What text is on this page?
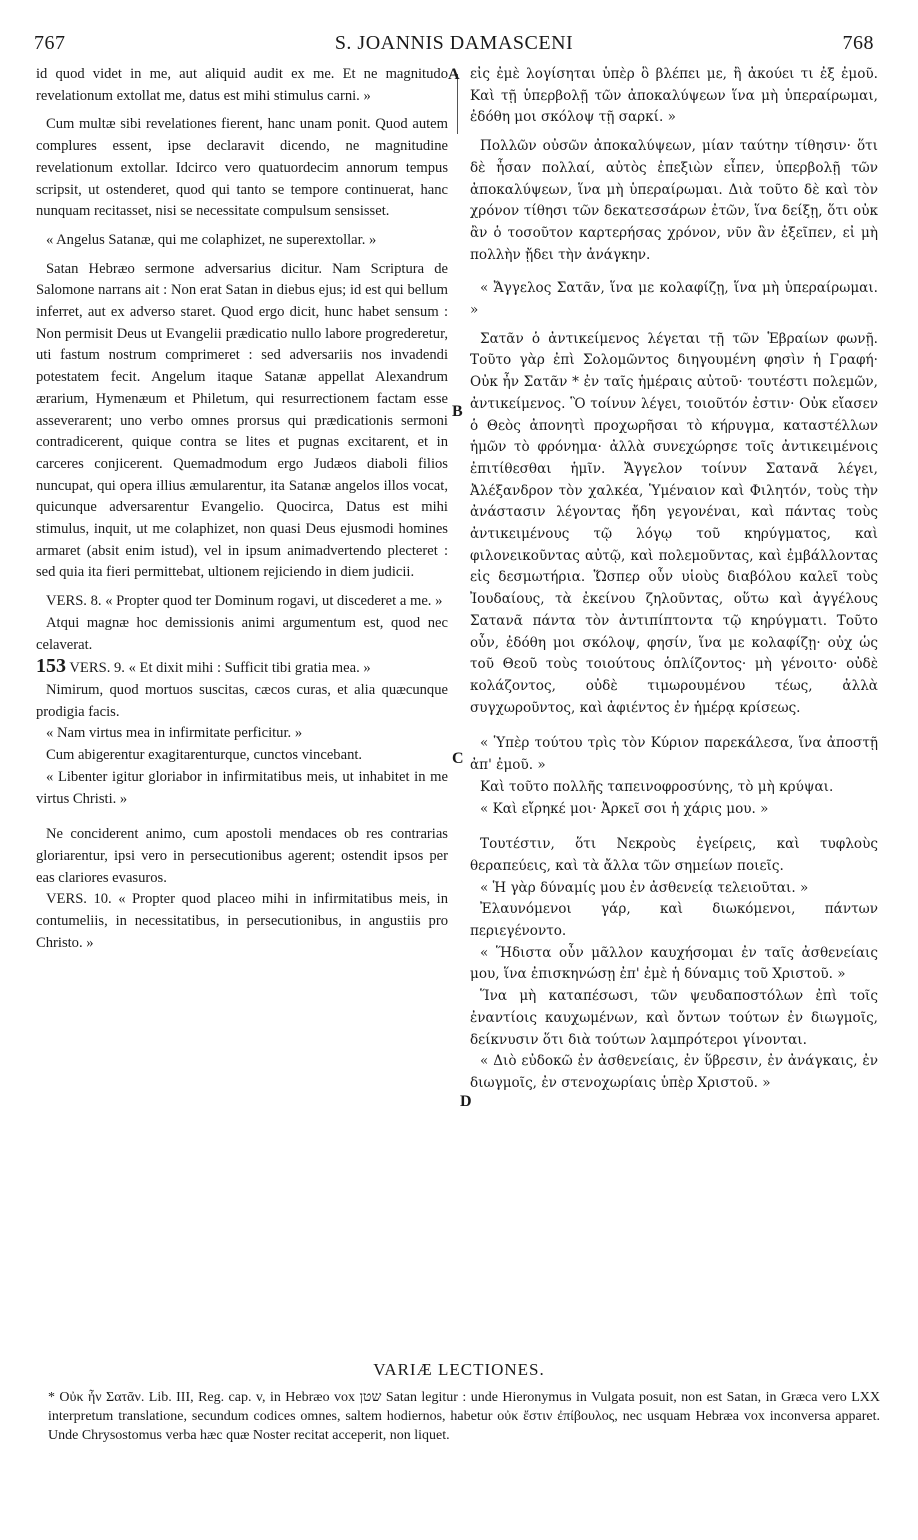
767	S. JOANNIS DAMASCENI	768
A
B
C
D

id quod videt in me, aut aliquid audit ex me. Et ne magnitudo revelationum extollat me, datus est mihi stimulus carni. »

Cum multæ sibi revelationes fierent, hanc unam ponit. Quod autem complures essent, ipse declaravit dicendo, ne magnitudine revelationum extollar. Idcirco vero quatuordecim annorum tempus scripsit, ut ostenderet, quod qui tanto se tempore continuerat, hanc nunquam recitasset, nisi se necessitate compulsum sensisset.

« Angelus Satanæ, qui me colaphizet, ne superextollar. »

Satan Hebræo sermone adversarius dicitur. Nam Scriptura de Salomone narrans ait : Non erat Satan in diebus ejus; id est qui bellum inferret, aut ex adverso staret. Quod ergo dicit, hunc habet sensum : Non permisit Deus ut Evangelii prædicatio nullo labore progrederetur, uti fastum nostrum comprimeret : sed adversariis nos invadendi potestatem fecit. Angelum itaque Satanæ appellat Alexandrum ærarium, Hymenæum et Philetum, qui resurrectionem factam esse asseverarent; uno verbo omnes prorsus qui prædicationis sermoni contradicerent, quique contra se lites et pugnas excitarent, et in carceres conjicerent. Quemadmodum ergo Judæos diaboli filios nuncupat, qui opera illius æmularentur, ita Satanæ angelos illos vocat, quicunque adversarentur Evangelio. Quocirca, Datus est mihi stimulus, inquit, ut me colaphizet, non quasi Deus ejusmodi homines armaret (absit enim istud), vel in ipsum animadvertendo plecteret : sed quia ita fieri permittebat, ultionem rejiciendo in diem judicii.

VERS. 8. « Propter quod ter Dominum rogavi, ut discederet a me. »

Atqui magnæ hoc demissionis animi argumentum est, quod nec celaverat.

153 VERS. 9. « Et dixit mihi : Sufficit tibi gratia mea. »

Nimirum, quod mortuos suscitas, cæcos curas, et alia quæcunque prodigia facis.

« Nam virtus mea in infirmitate perficitur. »

Cum abigerentur exagitarenturque, cunctos vincebant.

« Libenter igitur gloriabor in infirmitatibus meis, ut inhabitet in me virtus Christi. »

Ne conciderent animo, cum apostoli mendaces ob res contrarias gloriarentur, ipsi vero in persecutionibus agerent; ostendit ipsos per eas clariores evasuros.

VERS. 10. « Propter quod placeo mihi in infirmitatibus meis, in contumeliis, in necessitatibus, in persecutionibus, in angustiis pro Christo. »

εἰς ἐμὲ λογίσηται ὑπὲρ ὃ βλέπει με, ἢ ἀκούει τι ἐξ ἐμοῦ. Καὶ τῇ ὑπερβολῇ τῶν ἀποκαλύψεων ἵνα μὴ ὑπεραίρωμαι, ἐδόθη μοι σκόλοψ τῇ σαρκί. »

Πολλῶν οὐσῶν ἀποκαλύψεων, μίαν ταύτην τίθησιν· ὅτι δὲ ἦσαν πολλαί, αὐτὸς ἐπεξιὼν εἶπεν, ὑπερβολῇ τῶν ἀποκαλύψεων, ἵνα μὴ ὑπεραίρωμαι. Διὰ τοῦτο δὲ καὶ τὸν χρόνον τίθησι τῶν δεκατεσσάρων ἐτῶν, ἵνα δείξῃ, ὅτι οὐκ ἂν ὁ τοσοῦτον καρτερήσας χρόνον, νῦν ἂν ἐξεῖπεν, εἰ μὴ πολλὴν ᾔδει τὴν ἀνάγκην.

« Ἄγγελος Σατᾶν, ἵνα με κολαφίζῃ, ἵνα μὴ ὑπεραίρωμαι. »

Σατᾶν ὁ ἀντικείμενος λέγεται τῇ τῶν Ἑβραίων φωνῇ. Τοῦτο γὰρ ἐπὶ Σολομῶντος διηγουμένη φησὶν ἡ Γραφή· Οὐκ ἦν Σατᾶν * ἐν ταῖς ἡμέραις αὐτοῦ· τουτέστι πολεμῶν, ἀντικείμενος. Ὃ τοίνυν λέγει, τοιοῦτόν ἐστιν· Οὐκ εἴασεν ὁ Θεὸς ἀπονητὶ προχωρῆσαι τὸ κήρυγμα, καταστέλλων ἡμῶν τὸ φρόνημα· ἀλλὰ συνεχώρησε τοῖς ἀντικειμένοις ἐπιτίθεσθαι ἡμῖν. Ἄγγελον τοίνυν Σατανᾶ λέγει, Ἀλέξανδρον τὸν χαλκέα, Ὑμέναιον καὶ Φιλητόν, τοὺς τὴν ἀνάστασιν λέγοντας ἤδη γεγονέναι, καὶ πάντας τοὺς ἀντικειμένους τῷ λόγῳ τοῦ κηρύγματος, καὶ φιλονεικοῦντας αὐτῷ, καὶ πολεμοῦντας, καὶ ἐμβάλλοντας εἰς δεσμωτήρια. Ὥσπερ οὖν υἱοὺς διαβόλου καλεῖ τοὺς Ἰουδαίους, τὰ ἐκείνου ζηλοῦντας, οὕτω καὶ ἀγγέλους Σατανᾶ πάντα τὸν ἀντιπίπτοντα τῷ κηρύγματι. Τοῦτο οὖν, ἐδόθη μοι σκόλοψ, φησίν, ἵνα με κολαφίζῃ· οὐχ ὡς τοῦ Θεοῦ τοὺς τοιούτους ὁπλίζοντος· μὴ γένοιτο· οὐδὲ κολάζοντος, οὐδὲ τιμωρουμένου τέως, ἀλλὰ συγχωροῦντος, καὶ ἀφιέντος ἐν ἡμέρᾳ κρίσεως.

« Ὑπὲρ τούτου τρὶς τὸν Κύριον παρεκάλεσα, ἵνα ἀποστῇ ἀπ' ἐμοῦ. »

Καὶ τοῦτο πολλῆς ταπεινοφροσύνης, τὸ μὴ κρύψαι.

« Καὶ εἴρηκέ μοι· Ἀρκεῖ σοι ἡ χάρις μου. »

Τουτέστιν, ὅτι Νεκροὺς ἐγείρεις, καὶ τυφλοὺς θεραπεύεις, καὶ τὰ ἄλλα τῶν σημείων ποιεῖς.

« Ἡ γὰρ δύναμίς μου ἐν ἀσθενείᾳ τελειοῦται. »

Ἐλαυνόμενοι γάρ, καὶ διωκόμενοι, πάντων περιεγένοντο.

« Ἥδιστα οὖν μᾶλλον καυχήσομαι ἐν ταῖς ἀσθενείαις μου, ἵνα ἐπισκηνώσῃ ἐπ' ἐμὲ ἡ δύναμις τοῦ Χριστοῦ. »

Ἵνα μὴ καταπέσωσι, τῶν ψευδαποστόλων ἐπὶ τοῖς ἐναντίοις καυχωμένων, καὶ ὄντων τούτων ἐν διωγμοῖς, δείκνυσιν ὅτι διὰ τούτων λαμπρότεροι γίνονται.

« Διὸ εὐδοκῶ ἐν ἀσθενείαις, ἐν ὕβρεσιν, ἐν ἀνάγκαις, ἐν διωγμοῖς, ἐν στενοχωρίαις ὑπὲρ Χριστοῦ. »

VARIÆ LECTIONES.
* Οὐκ ἦν Σατᾶν. Lib. III, Reg. cap. v, in Hebræo vox שטן Satan legitur : unde Hieronymus in Vulgata posuit, non est Satan, in Græca vero LXX interpretum translatione, secundum codices omnes, saltem hodiernos, habetur οὐκ ἔστιν ἐπίβουλος, nec usquam Hebræa vox inconversa apparet. Unde Chrysostomus verba hæc quæ Noster recitat acceperit, non liquet.
